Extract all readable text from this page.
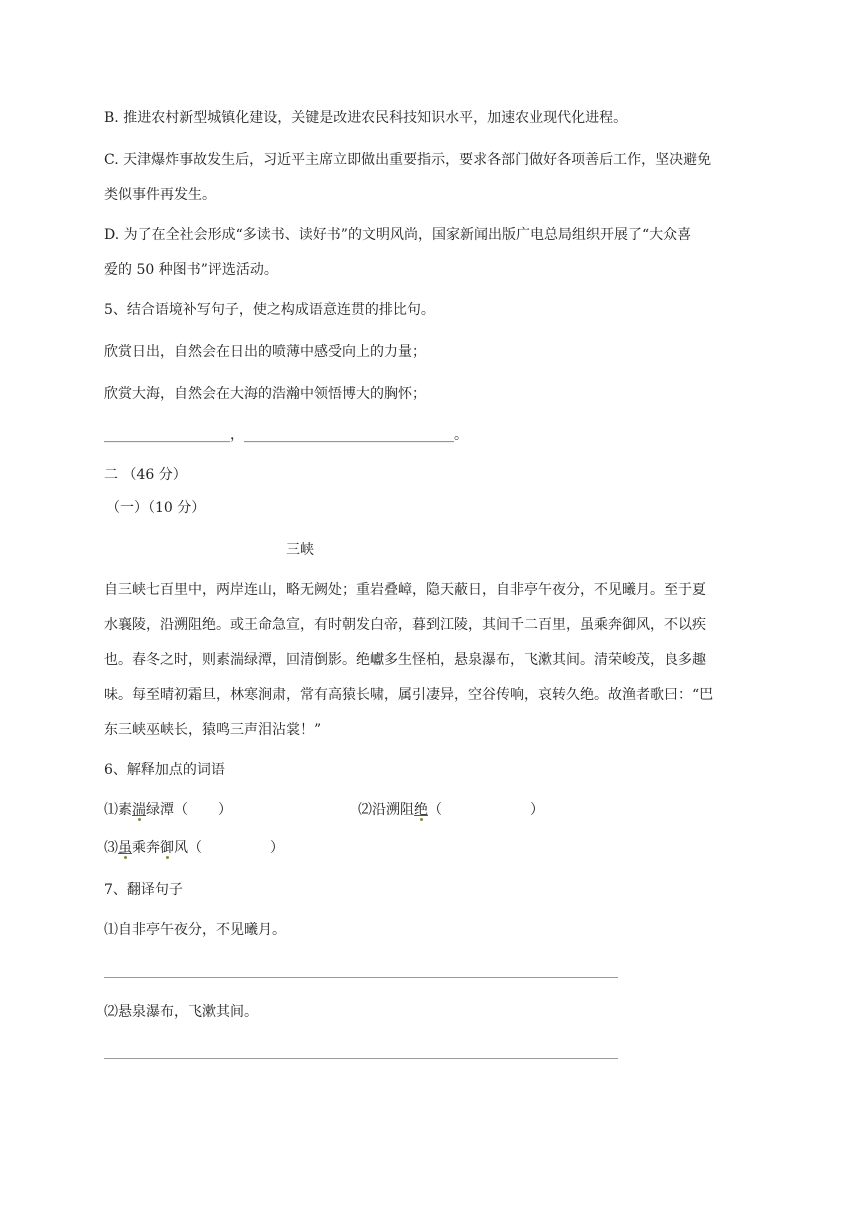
B. 推进农村新型城镇化建设，关键是改进农民科技知识水平，加速农业现代化进程。
C. 天津爆炸事故发生后，习近平主席立即做出重要指示，要求各部门做好各项善后工作，坚决避免
类似事件再发生。
D. 为了在全社会形成“多读书、读好书”的文明风尚，国家新闻出版广电总局组织开展了“大众喜
爱的 50 种图书”评选活动。
5、结合语境补写句子，使之构成语意连贯的排比句。
欣赏日出，自然会在日出的喷薄中感受向上的力量；
欣赏大海，自然会在大海的浩瀚中领悟博大的胸怀；
__________________，______________________________。
二 （46 分）
（一）（10 分）
三峡
自三峡七百里中，两岸连山，略无阙处；重岩叠嶂，隐天蔽日，自非亭午夜分，不见曦月。至于夏
水襄陵，沿溯阻绝。或王命急宣，有时朝发白帝，暮到江陵，其间千二百里，虽乘奔御风，不以疾
也。春冬之时，则素湍绿潭，回清倒影。绝巘多生怪柏，悬泉瀑布，飞漱其间。清荣峻茂，良多趣
味。每至晴初霜旦，林寒涧肃，常有高猿长啸，属引凄异，空谷传响，哀转久绝。故渔者歌曰：“巴
东三峡巫峡长，猿鸣三声泪沾裳！”
6、解释加点的词语
⑴素湍绿潭（ ）	⑵沿溯阻绝（	）
⑶虽乘奔御风（	）
7、翻译句子
⑴自非亭午夜分，不见曦月。
⑵悬泉瀑布，飞漱其间。
